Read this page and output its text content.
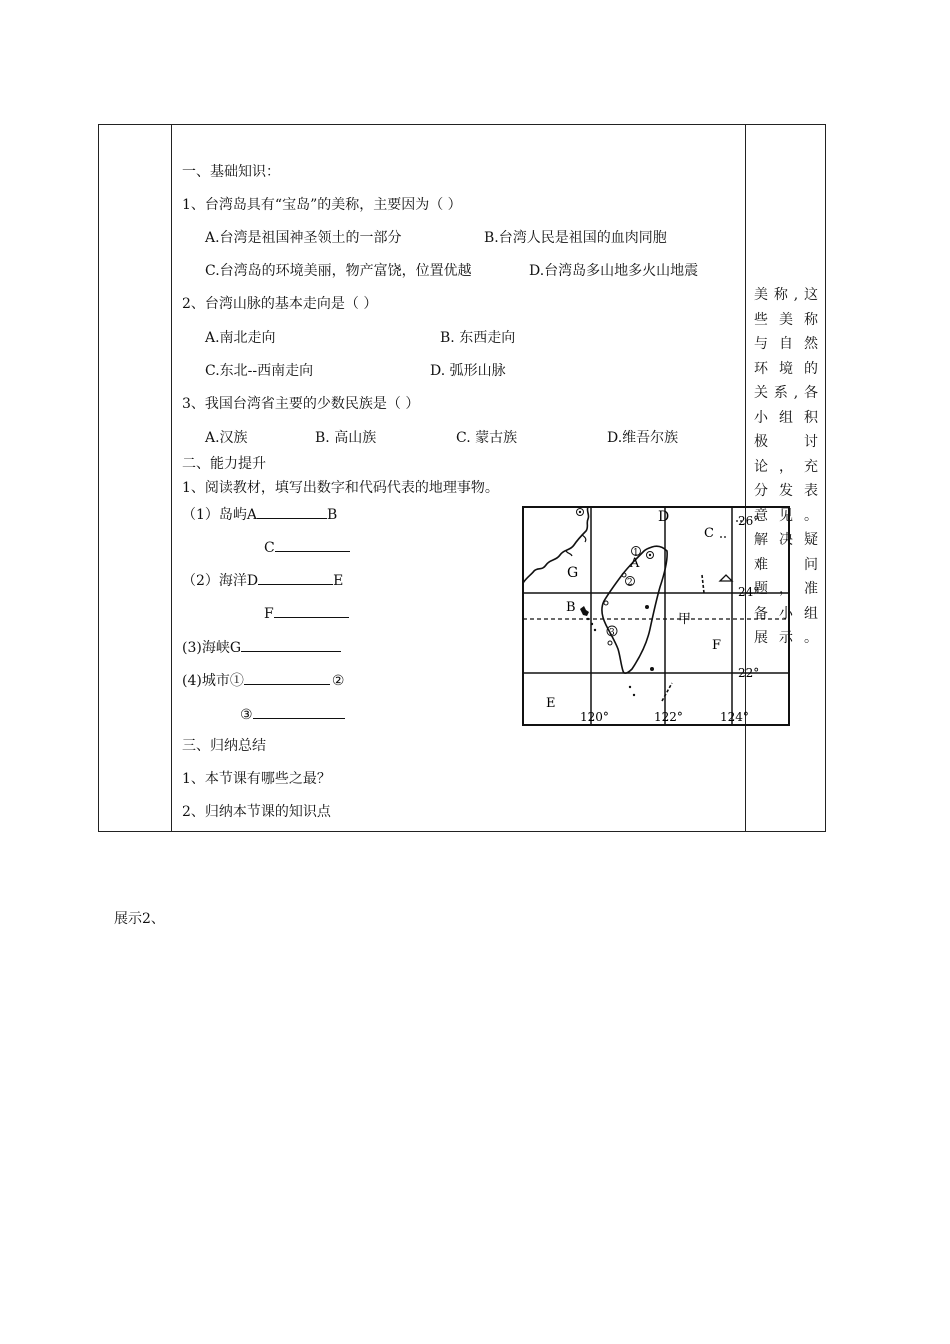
一、基础知识：
1、台湾岛具有“宝岛”的美称，主要因为（ ）
A.台湾是祖国神圣领土的一部分	B.台湾人民是祖国的血肉同胞
C.台湾岛的环境美丽，物产富饶，位置优越	D.台湾岛多山地多火山地震
2、台湾山脉的基本走向是（ ）
A.南北走向	B. 东西走向
C.东北--西南走向	D. 弧形山脉
3、我国台湾省主要的少数民族是（ ）
A.汉族	B. 高山族	C. 蒙古族	D.维吾尔族
二、能力提升
1、阅读教材，填写出数字和代码代表的地理事物。
（1）岛屿A	B
C
（2）海洋D	E
F
(3)海峡G
(4)城市①	②
③
三、归纳总结
1、本节课有哪些之最？
2、归纳本节课的知识点
D
G
A
B
C
F
E
甲
1
2
3
26°
24°
22°
120°	122°	124°
美称,这
些美称
与自然
环境的
关系,各
小组积
极 讨
论，充
分发表
意见。
解决疑
难 问
题，准
备小组
展示。
展示2、
